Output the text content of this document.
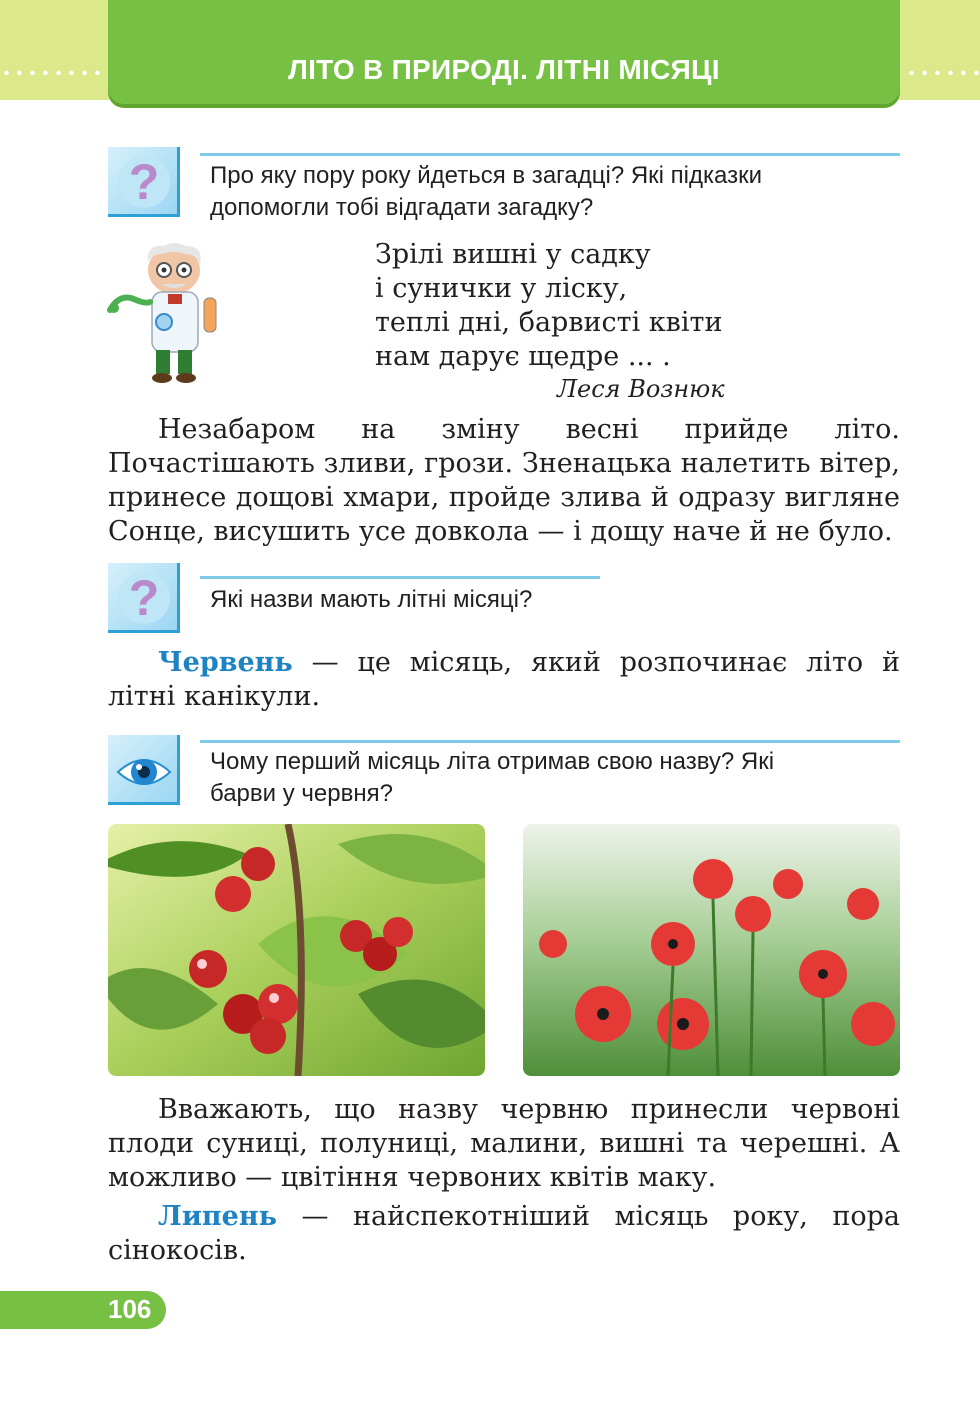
ЛІТО В ПРИРОДІ. ЛІТНІ МІСЯЦІ
? Про яку пору року йдеться в загадці? Які підказки
допомогли тобі відгадати загадку?
Зрілі вишні у садку
і сунички у ліску,
теплі дні, барвисті квіти
нам дарує щедре ... .
Леся Вознюк

Незабаром на зміну весні прийде літо. Почастішають зливи, грози. Зненацька налетить вітер, принесе дощові хмари, пройде злива й одразу вигляне Сонце, висушить усе довкола — і дощу наче й не було.

? Які назви мають літні місяці?

Червень — це місяць, який розпочинає літо й літні канікули.

Чому перший місяць літа отримав свою назву? Які
барви у червня?

Вважають, що назву червню принесли червоні плоди суниці, полуниці, малини, вишні та черешні. А можливо — цвітіння червоних квітів маку.

Липень — найспекотніший місяць року, пора сінокосів.

106
